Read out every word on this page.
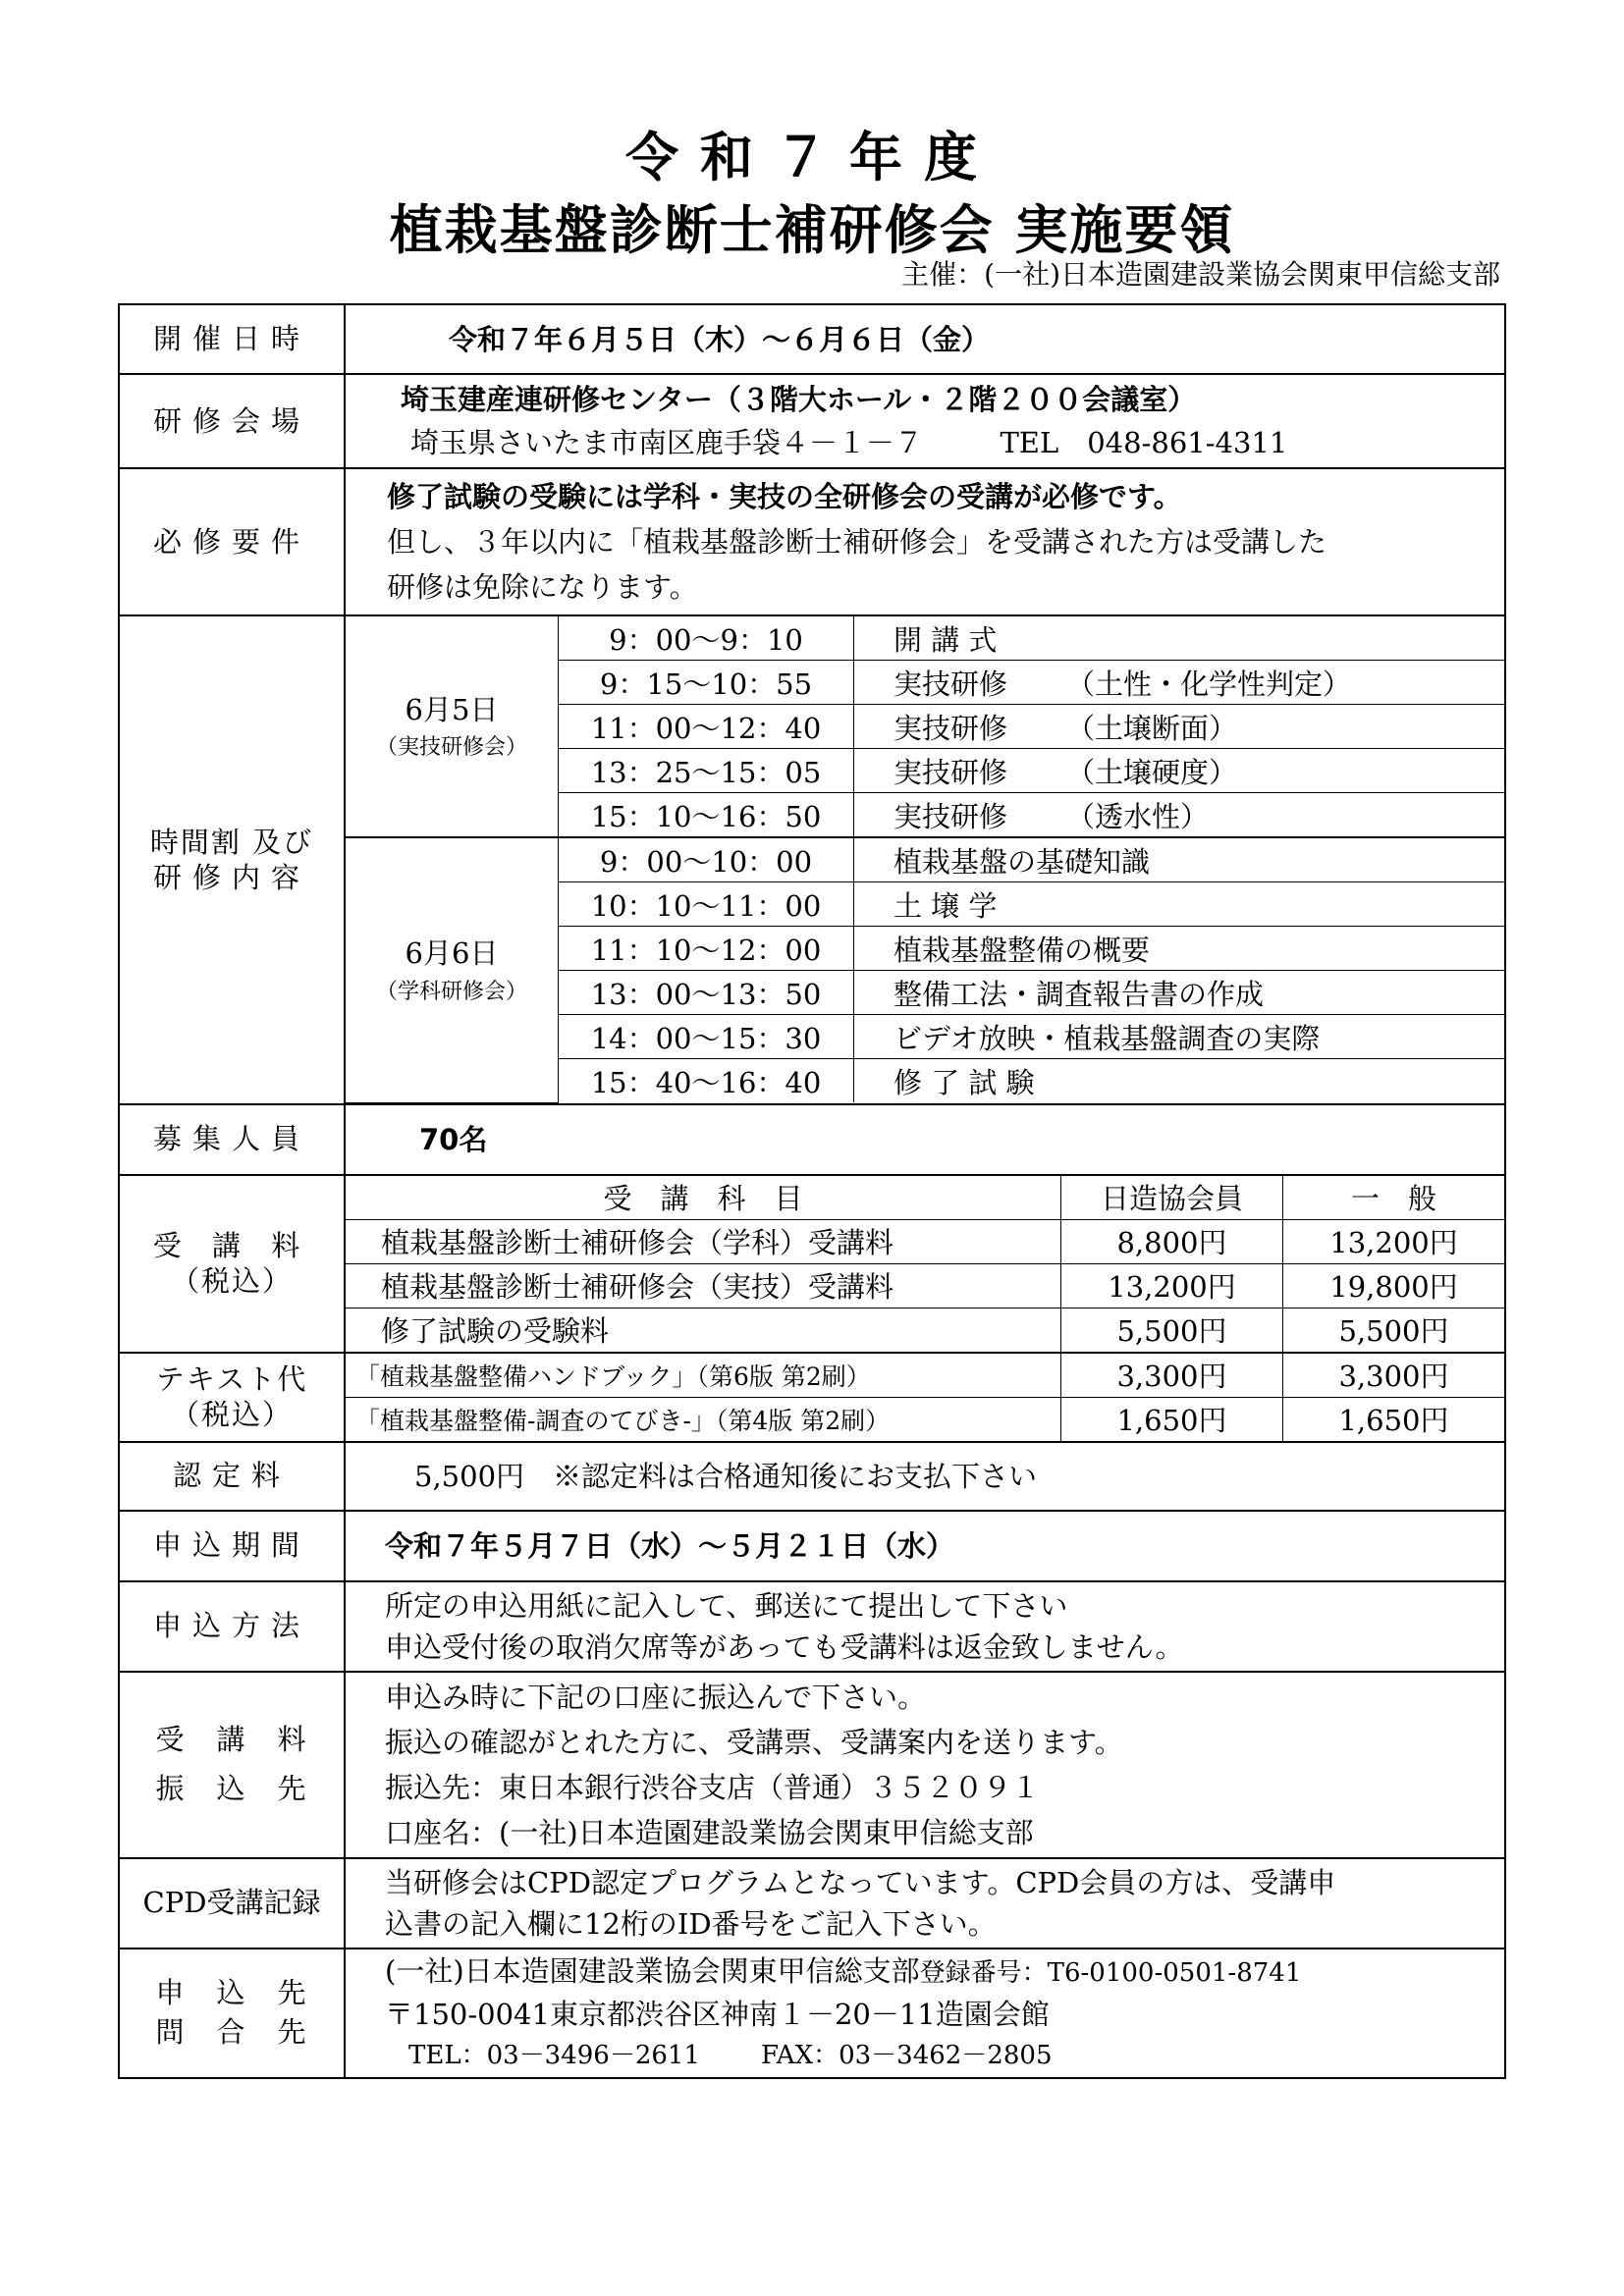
令和７年度
植栽基盤診断士補研修会 実施要領
主催：(一社)日本造園建設業協会関東甲信総支部
開催日時	令和７年６月５日（木）～６月６日（金）

研修会場	
埼玉建産連研修センター（３階大ホール・２階２００会議室）
埼玉県さいたま市南区鹿手袋４－１－７	TEL　048-861-4311

必修要件	
修了試験の受験には学科・実技の全研修会の受講が必修です。
但し、３年以内に「植栽基盤診断士補研修会」を受講された方は受講した
研修は免除になります。

時間割 及び
研修内容	
6月5日
（実技研修会）
	9：00～9：10	開 講 式
9：15～10：55	実技研修 （土性・化学性判定）
11：00～12：40	実技研修 （土壌断面）
13：25～15：05	実技研修 （土壌硬度）
15：10～16：50	実技研修 （透水性）
6月6日
（学科研修会）
	9：00～10：00	植栽基盤の基礎知識
10：10～11：00	土 壌 学
11：10～12：00	植栽基盤整備の概要
13：00～13：50	整備工法・調査報告書の作成
14：00～15：30	ビデオ放映・植栽基盤調査の実際
15：40～16：40	修 了 試 験

募集人員	70名

受 講 料
（税込）	
受　講　科　目	日造協会員	一　般
植栽基盤診断士補研修会（学科）受講料	8,800円	13,200円
植栽基盤診断士補研修会（実技）受講料	13,200円	19,800円
修了試験の受験料	5,500円	5,500円

テキスト代
（税込）	
「植栽基盤整備ハンドブック」（第6版 第2刷）	3,300円	3,300円
「植栽基盤整備-調査のてびき-」（第4版 第2刷）	1,650円	1,650円

認定料	5,500円　※認定料は合格通知後にお支払下さい

申込期間	令和７年５月７日（水）～５月２１日（水）

申込方法	
所定の申込用紙に記入して、郵送にて提出して下さい
申込受付後の取消欠席等があっても受講料は返金致しません。

受　講　料
振　込　先	
申込み時に下記の口座に振込んで下さい。
振込の確認がとれた方に、受講票、受講案内を送ります。
振込先：東日本銀行渋谷支店（普通）３５２０９１
口座名：(一社)日本造園建設業協会関東甲信総支部

CPD受講記録	
当研修会はCPD認定プログラムとなっています。CPD会員の方は、受講申
込書の記入欄に12桁のID番号をご記入下さい。

申　込　先
問　合　先	
(一社)日本造園建設業協会関東甲信総支部登録番号：T6-0100-0501-8741
〒150-0041東京都渋谷区神南１－20－11造園会館
TEL：03－3496－2611 FAX：03－3462－2805
